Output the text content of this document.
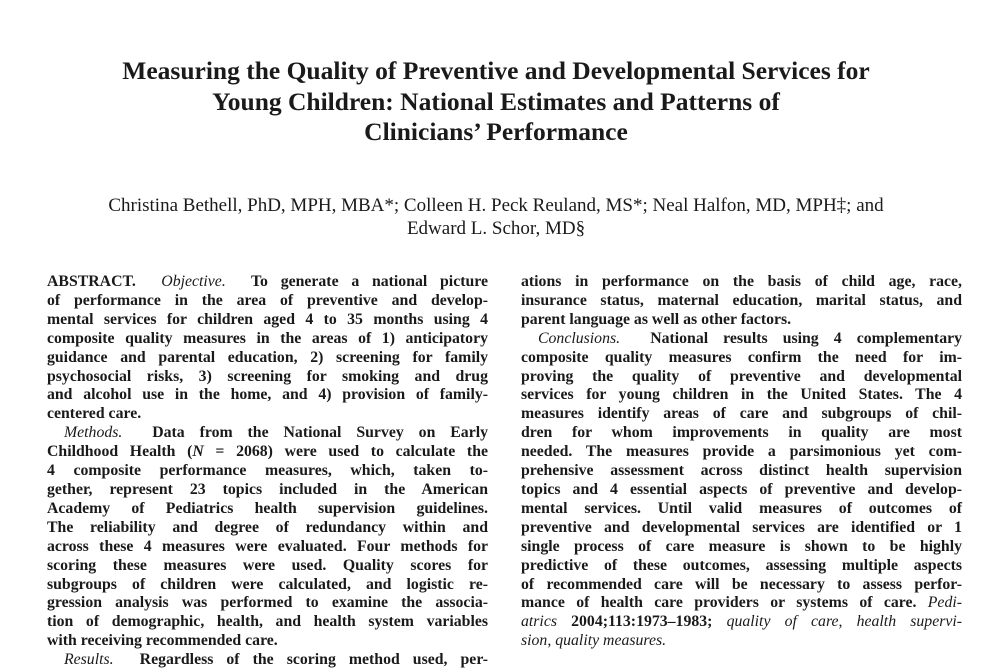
Measuring the Quality of Preventive and Developmental Services for
Young Children: National Estimates and Patterns of
Clinicians’ Performance
Christina Bethell, PhD, MPH, MBA*; Colleen H. Peck Reuland, MS*; Neal Halfon, MD, MPH‡; and
Edward L. Schor, MD§
ABSTRACT. Objective. To generate a national picture
of performance in the area of preventive and develop-
mental services for children aged 4 to 35 months using 4
composite quality measures in the areas of 1) anticipatory
guidance and parental education, 2) screening for family
psychosocial risks, 3) screening for smoking and drug
and alcohol use in the home, and 4) provision of family-
centered care.
Methods. Data from the National Survey on Early
Childhood Health (N = 2068) were used to calculate the
4 composite performance measures, which, taken to-
gether, represent 23 topics included in the American
Academy of Pediatrics health supervision guidelines.
The reliability and degree of redundancy within and
across these 4 measures were evaluated. Four methods for
scoring these measures were used. Quality scores for
subgroups of children were calculated, and logistic re-
gression analysis was performed to examine the associa-
tion of demographic, health, and health system variables
with receiving recommended care.
Results. Regardless of the scoring method used, per-
ations in performance on the basis of child age, race,
insurance status, maternal education, marital status, and
parent language as well as other factors.
Conclusions. National results using 4 complementary
composite quality measures confirm the need for im-
proving the quality of preventive and developmental
services for young children in the United States. The 4
measures identify areas of care and subgroups of chil-
dren for whom improvements in quality are most
needed. The measures provide a parsimonious yet com-
prehensive assessment across distinct health supervision
topics and 4 essential aspects of preventive and develop-
mental services. Until valid measures of outcomes of
preventive and developmental services are identified or 1
single process of care measure is shown to be highly
predictive of these outcomes, assessing multiple aspects
of recommended care will be necessary to assess perfor-
mance of health care providers or systems of care. Pedi-
atrics 2004;113:1973–1983; quality of care, health supervi-
sion, quality measures.
